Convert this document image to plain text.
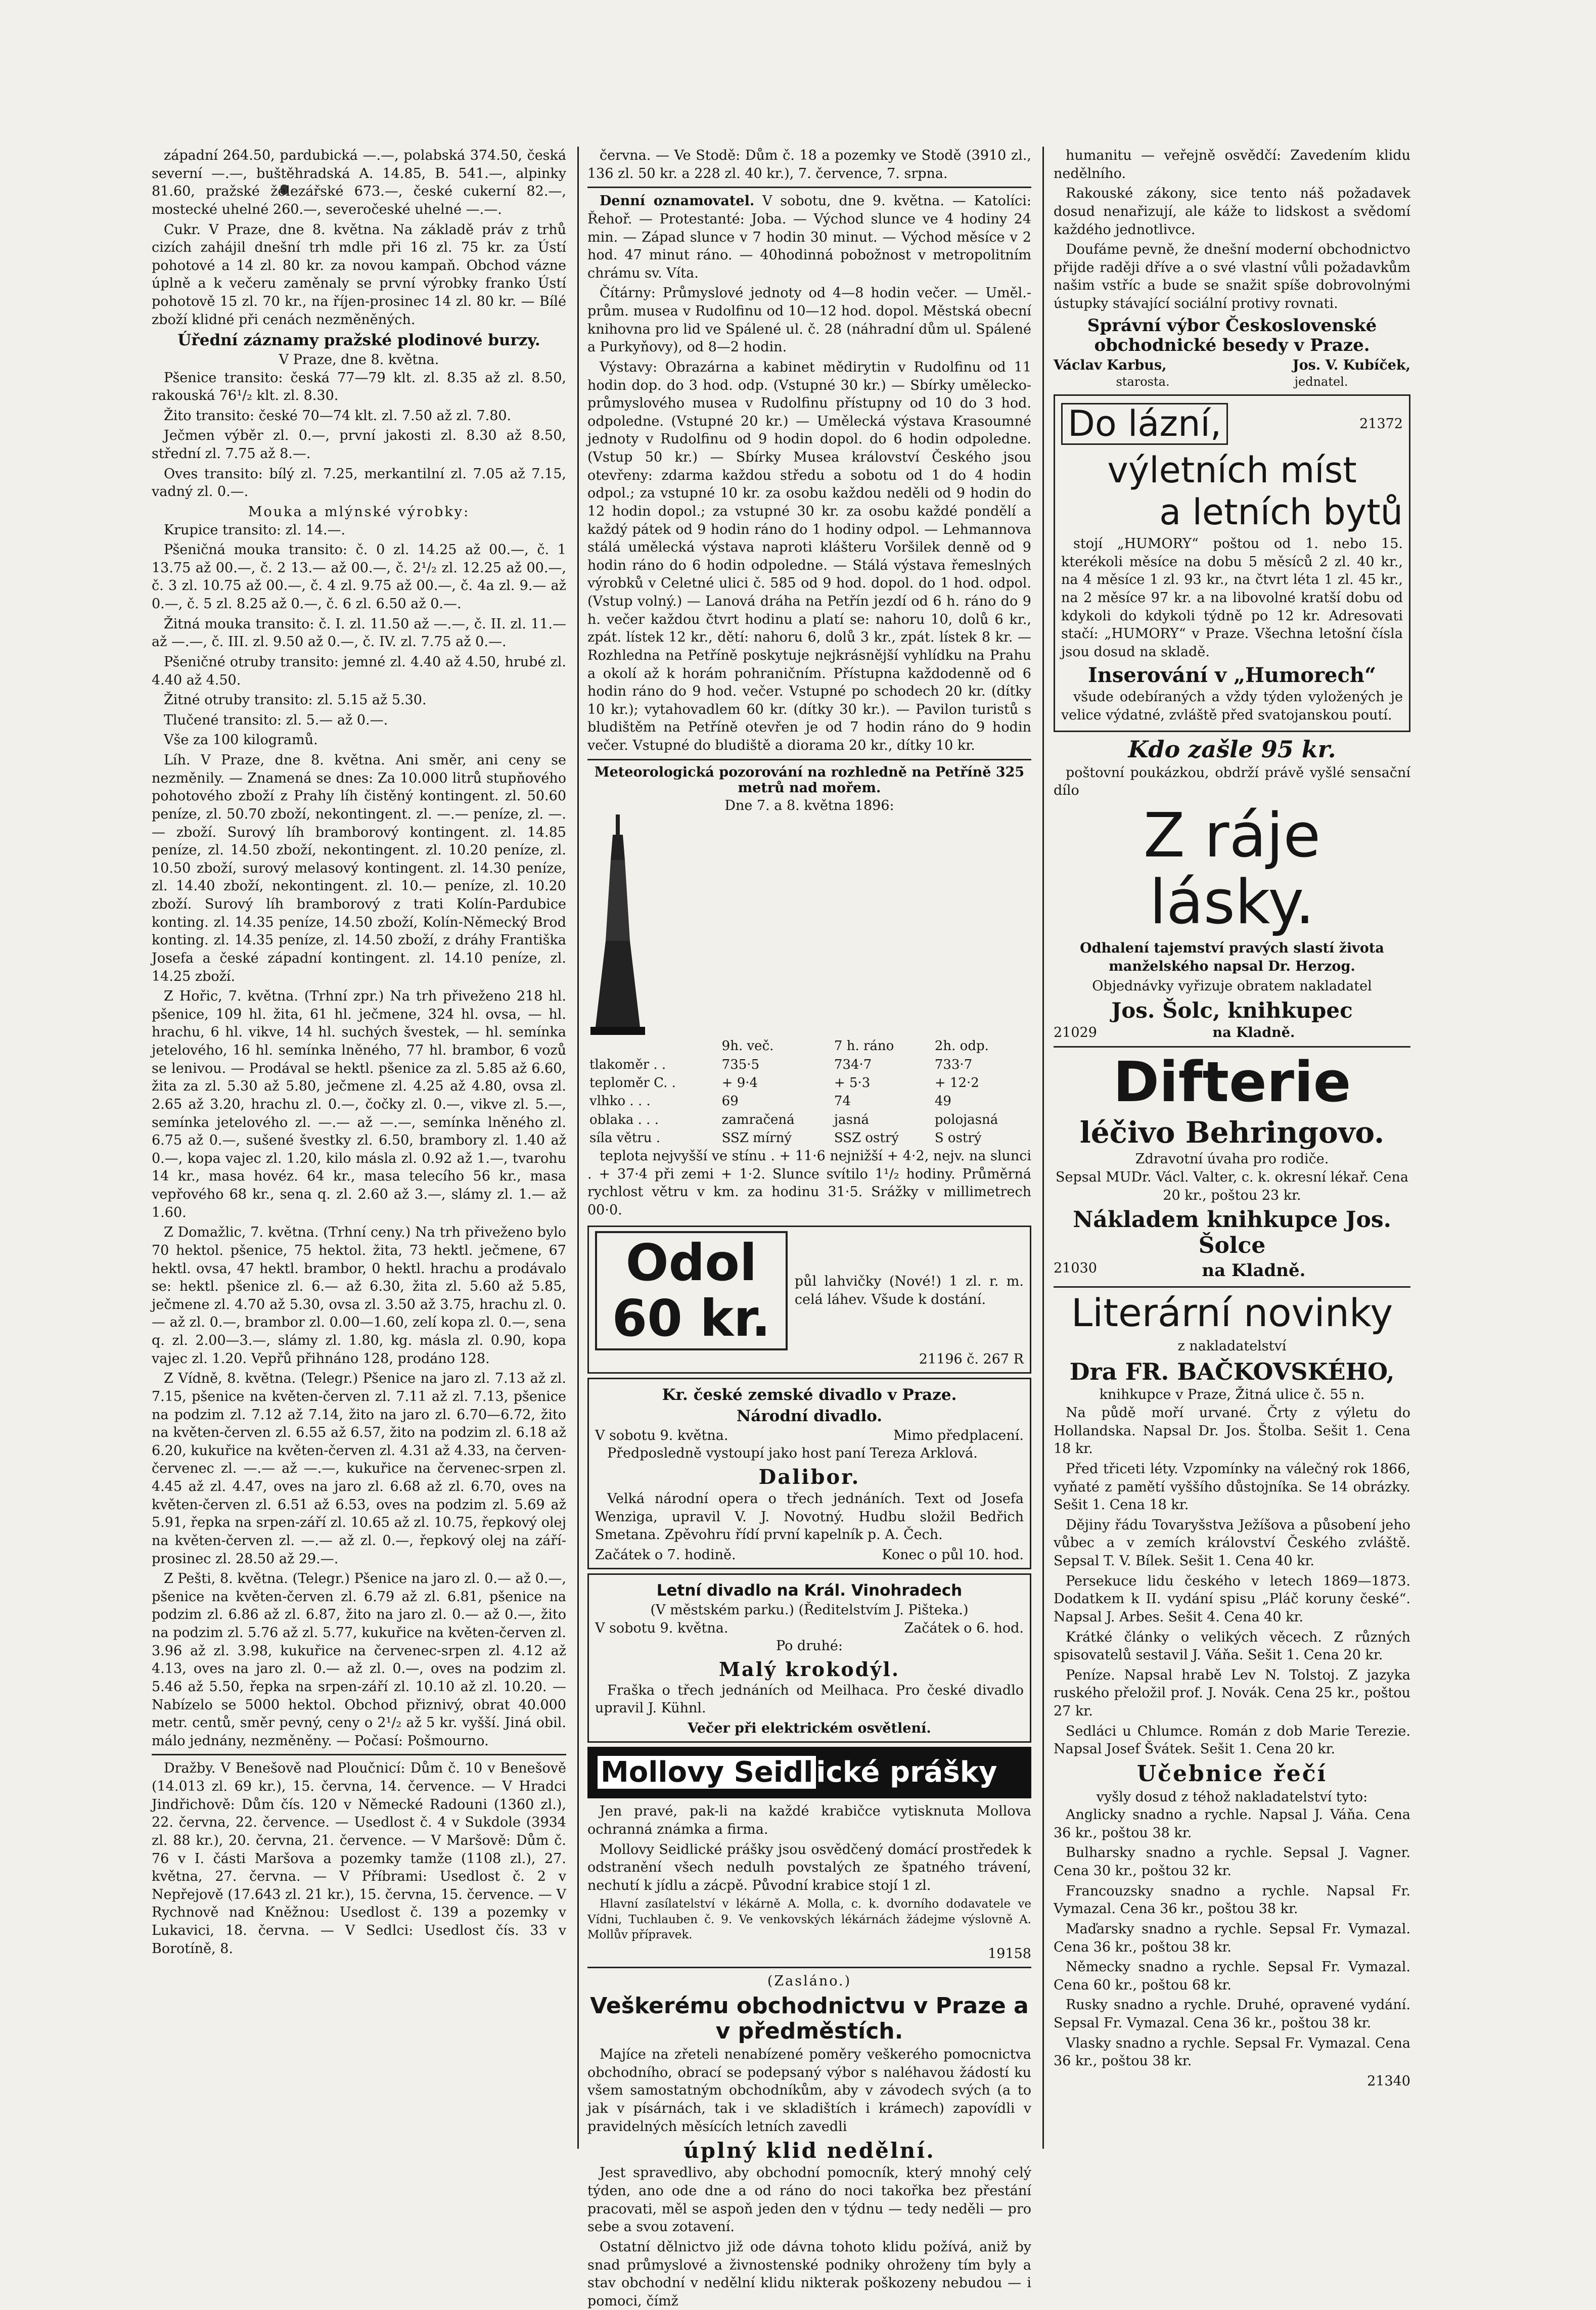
západní 264.50, pardubická —.—, polabská 374.50, česká severní —.—, buštěhradská A. 14.85, B. 541.—, alpinky 81.60, pražské železářské 673.—, české cukerní 82.—, mostecké uhelné 260.—, severočeské uhelné —.—.

Cukr. V Praze, dne 8. května. Na základě práv z trhů cizích zahájil dnešní trh mdle při 16 zl. 75 kr. za Ústí pohotové a 14 zl. 80 kr. za novou kampaň. Obchod vázne úplně a k večeru zaměnaly se první výrobky franko Ústí pohotově 15 zl. 70 kr., na říjen-prosinec 14 zl. 80 kr. — Bílé zboží klidné při cenách nezměněných.

Úřední záznamy pražské plodinové burzy.
V Praze, dne 8. května.

Pšenice transito: česká 77—79 klt. zl. 8.35 až zl. 8.50, rakouská 76¹/₂ klt. zl. 8.30.

Žito transito: české 70—74 klt. zl. 7.50 až zl. 7.80.

Ječmen výběr zl. 0.—, první jakosti zl. 8.30 až 8.50, střední zl. 7.75 až 8.—.

Oves transito: bílý zl. 7.25, merkantilní zl. 7.05 až 7.15, vadný zl. 0.—.

Mouka a mlýnské výrobky:

Krupice transito: zl. 14.—.

Pšeničná mouka transito: č. 0 zl. 14.25 až 00.—, č. 1 13.75 až 00.—, č. 2 13.— až 00.—, č. 2¹/₂ zl. 12.25 až 00.—, č. 3 zl. 10.75 až 00.—, č. 4 zl. 9.75 až 00.—, č. 4a zl. 9.— až 0.—, č. 5 zl. 8.25 až 0.—, č. 6 zl. 6.50 až 0.—.

Žitná mouka transito: č. I. zl. 11.50 až —.—, č. II. zl. 11.— až —.—, č. III. zl. 9.50 až 0.—, č. IV. zl. 7.75 až 0.—.

Pšeničné otruby transito: jemné zl. 4.40 až 4.50, hrubé zl. 4.40 až 4.50.

Žitné otruby transito: zl. 5.15 až 5.30.

Tlučené transito: zl. 5.— až 0.—.

Vše za 100 kilogramů.

Líh. V Praze, dne 8. května. Ani směr, ani ceny se nezměnily. — Znamená se dnes: Za 10.000 litrů stupňového pohotového zboží z Prahy líh čistěný kontingent. zl. 50.60 peníze, zl. 50.70 zboží, nekontingent. zl. —.— peníze, zl. —.— zboží. Surový líh bramborový kontingent. zl. 14.85 peníze, zl. 14.50 zboží, nekontingent. zl. 10.20 peníze, zl. 10.50 zboží, surový melasový kontingent. zl. 14.30 peníze, zl. 14.40 zboží, nekontingent. zl. 10.— peníze, zl. 10.20 zboží. Surový líh bramborový z trati Kolín-Pardubice konting. zl. 14.35 peníze, 14.50 zboží, Kolín-Německý Brod konting. zl. 14.35 peníze, zl. 14.50 zboží, z dráhy Františka Josefa a české západní kontingent. zl. 14.10 peníze, zl. 14.25 zboží.

Z Hořic, 7. května. (Trhní zpr.) Na trh přiveženo 218 hl. pšenice, 109 hl. žita, 61 hl. ječmene, 324 hl. ovsa, — hl. hrachu, 6 hl. vikve, 14 hl. suchých švestek, — hl. semínka jetelového, 16 hl. semínka lněného, 77 hl. brambor, 6 vozů se lenivou. — Prodával se hektl. pšenice za zl. 5.85 až 6.60, žita za zl. 5.30 až 5.80, ječmene zl. 4.25 až 4.80, ovsa zl. 2.65 až 3.20, hrachu zl. 0.—, čočky zl. 0.—, vikve zl. 5.—, semínka jetelového zl. —.— až —.—, semínka lněného zl. 6.75 až 0.—, sušené švestky zl. 6.50, brambory zl. 1.40 až 0.—, kopa vajec zl. 1.20, kilo másla zl. 0.92 až 1.—, tvarohu 14 kr., masa hovéz. 64 kr., masa telecího 56 kr., masa vepřového 68 kr., sena q. zl. 2.60 až 3.—, slámy zl. 1.— až 1.60.

Z Domažlic, 7. května. (Trhní ceny.) Na trh přiveženo bylo 70 hektol. pšenice, 75 hektol. žita, 73 hektl. ječmene, 67 hektl. ovsa, 47 hektl. brambor, 0 hektl. hrachu a prodávalo se: hektl. pšenice zl. 6.— až 6.30, žita zl. 5.60 až 5.85, ječmene zl. 4.70 až 5.30, ovsa zl. 3.50 až 3.75, hrachu zl. 0.— až zl. 0.—, brambor zl. 0.00—1.60, zelí kopa zl. 0.—, sena q. zl. 2.00—3.—, slámy zl. 1.80, kg. másla zl. 0.90, kopa vajec zl. 1.20. Vepřů přihnáno 128, prodáno 128.

Z Vídně, 8. května. (Telegr.) Pšenice na jaro zl. 7.13 až zl. 7.15, pšenice na květen-červen zl. 7.11 až zl. 7.13, pšenice na podzim zl. 7.12 až 7.14, žito na jaro zl. 6.70—6.72, žito na květen-červen zl. 6.55 až 6.57, žito na podzim zl. 6.18 až 6.20, kukuřice na květen-červen zl. 4.31 až 4.33, na červen-červenec zl. —.— až —.—, kukuřice na červenec-srpen zl. 4.45 až zl. 4.47, oves na jaro zl. 6.68 až zl. 6.70, oves na květen-červen zl. 6.51 až 6.53, oves na podzim zl. 5.69 až 5.91, řepka na srpen-září zl. 10.65 až zl. 10.75, řepkový olej na květen-červen zl. —.— až zl. 0.—, řepkový olej na září-prosinec zl. 28.50 až 29.—.

Z Pešti, 8. května. (Telegr.) Pšenice na jaro zl. 0.— až 0.—, pšenice na květen-červen zl. 6.79 až zl. 6.81, pšenice na podzim zl. 6.86 až zl. 6.87, žito na jaro zl. 0.— až 0.—, žito na podzim zl. 5.76 až zl. 5.77, kukuřice na květen-červen zl. 3.96 až zl. 3.98, kukuřice na červenec-srpen zl. 4.12 až 4.13, oves na jaro zl. 0.— až zl. 0.—, oves na podzim zl. 5.46 až 5.50, řepka na srpen-září zl. 10.10 až zl. 10.20. — Nabízelo se 5000 hektol. Obchod přiznivý, obrat 40.000 metr. centů, směr pevný, ceny o 2¹/₂ až 5 kr. vyšší. Jiná obil. málo jednány, nezměněny. — Počasí: Pošmourno.

Dražby. V Benešově nad Ploučnicí: Dům č. 10 v Benešově (14.013 zl. 69 kr.), 15. června, 14. července. — V Hradci Jindřichově: Dům čís. 120 v Německé Radouni (1360 zl.), 22. června, 22. července. — Usedlost č. 4 v Sukdole (3934 zl. 88 kr.), 20. června, 21. července. — V Maršově: Dům č. 76 v I. části Maršova a pozemky tamže (1108 zl.), 27. května, 27. června. — V Příbrami: Usedlost č. 2 v Nepřejově (17.643 zl. 21 kr.), 15. června, 15. července. — V Rychnově nad Kněžnou: Usedlost č. 139 a pozemky v Lukavici, 18. června. — V Sedlci: Usedlost čís. 33 v Borotíně, 8.

června. — Ve Stodě: Dům č. 18 a pozemky ve Stodě (3910 zl., 136 zl. 50 kr. a 228 zl. 40 kr.), 7. července, 7. srpna.

Denní oznamovatel. V sobotu, dne 9. května. — Katolíci: Řehoř. — Protestanté: Joba. — Východ slunce ve 4 hodiny 24 min. — Západ slunce v 7 hodin 30 minut. — Východ měsíce v 2 hod. 47 minut ráno. — 40hodinná pobožnost v metropolitním chrámu sv. Víta.

Čítárny: Průmyslové jednoty od 4—8 hodin večer. — Uměl.-prům. musea v Rudolfinu od 10—12 hod. dopol. Městská obecní knihovna pro lid ve Spálené ul. č. 28 (náhradní dům ul. Spálené a Purkyňovy), od 8—2 hodin.

Výstavy: Obrazárna a kabinet mědirytin v Rudolfinu od 11 hodin dop. do 3 hod. odp. (Vstupné 30 kr.) — Sbírky umělecko-průmyslového musea v Rudolfinu přístupny od 10 do 3 hod. odpoledne. (Vstupné 20 kr.) — Umělecká výstava Krasoumné jednoty v Rudolfinu od 9 hodin dopol. do 6 hodin odpoledne. (Vstup 50 kr.) — Sbírky Musea království Českého jsou otevřeny: zdarma každou středu a sobotu od 1 do 4 hodin odpol.; za vstupné 10 kr. za osobu každou neděli od 9 hodin do 12 hodin dopol.; za vstupné 30 kr. za osobu každé pondělí a každý pátek od 9 hodin ráno do 1 hodiny odpol. — Lehmannova stálá umělecká výstava naproti klášteru Voršilek denně od 9 hodin ráno do 6 hodin odpoledne. — Stálá výstava řemeslných výrobků v Celetné ulici č. 585 od 9 hod. dopol. do 1 hod. odpol. (Vstup volný.) — Lanová dráha na Petřín jezdí od 6 h. ráno do 9 h. večer každou čtvrt hodinu a platí se: nahoru 10, dolů 6 kr., zpát. lístek 12 kr., dětí: nahoru 6, dolů 3 kr., zpát. lístek 8 kr. — Rozhledna na Petříně poskytuje nejkrásnější vyhlídku na Prahu a okolí až k horám pohraničním. Přístupna každodenně od 6 hodin ráno do 9 hod. večer. Vstupné po schodech 20 kr. (dítky 10 kr.); vytahovadlem 60 kr. (dítky 30 kr.). — Pavilon turistů s bludištěm na Petříně otevřen je od 7 hodin ráno do 9 hodin večer. Vstupné do bludiště a diorama 20 kr., dítky 10 kr.

Meteorologická pozorování na rozhledně na Petříně 325 metrů nad mořem.
Dne 7. a 8. května 1896:
	9h. več.	7 h. ráno	2h. odp.
tlakoměr . .	735·5	734·7	733·7
teploměr C. .	+ 9·4	+ 5·3	+ 12·2
vlhko . . .	69	74	49
oblaka . . .	zamračená	jasná	polojasná
síla větru .	SSZ mírný	SSZ ostrý	S ostrý

teplota nejvyšší ve stínu . + 11·6 nejnižší + 4·2, nejv. na slunci . + 37·4 při zemi + 1·2. Slunce svítilo 1¹/₂ hodiny. Průměrná rychlost větru v km. za hodinu 31·5. Srážky v millimetrech 00·0.

Odol 60 kr.
půl lahvičky (Nové!) 1 zl. r. m. celá láhev. Všude k dostání.
21196 č. 267 R
Kr. české zemské divadlo v Praze.
Národní divadlo.
V sobotu 9. května.	Mimo předplacení.

Předposledně vystoupí jako host paní Tereza Arklová.

Dalibor.

Velká národní opera o třech jednáních. Text od Josefa Wenziga, upravil V. J. Novotný. Hudbu složil Bedřich Smetana. Zpěvohru řídí první kapelník p. A. Čech.

Začátek o 7. hodině.	Konec o půl 10. hod.
Letní divadlo na Král. Vinohradech
(V městském parku.) (Ředitelstvím J. Pišteka.)
V sobotu 9. května.	Začátek o 6. hod.
Po druhé:
Malý krokodýl.

Fraška o třech jednáních od Meilhaca. Pro české divadlo upravil J. Kühnl.

Večer při elektrickém osvětlení.
Mollovy Seidl ické prášky

Jen pravé, pak-li na každé krabičce vytisknuta Mollova ochranná známka a firma.

Mollovy Seidlické prášky jsou osvědčený domácí prostředek k odstranění všech nedulh povstalých ze špatného trávení, nechutí k jídlu a zácpě. Původní krabice stojí 1 zl.

Hlavní zasílatelství v lékárně A. Molla, c. k. dvorního dodavatele ve Vídni, Tuchlauben č. 9. Ve venkovských lékárnách žádejme výslovně A. Mollův přípravek.

19158
(Zasláno.)
Veškerému obchodnictvu v Praze a v předměstích.

Majíce na zřeteli nenabízené poměry veškerého pomocnictva obchodního, obrací se podepsaný výbor s naléhavou žádostí ku všem samostatným obchodníkům, aby v závodech svých (a to jak v písárnách, tak i ve skladištích i krámech) zapovídli v pravidelných měsících letních zavedli

úplný klid nedělní.

Jest spravedlivo, aby obchodní pomocník, který mnohý celý týden, ano ode dne a od ráno do noci takořka bez přestání pracovati, měl se aspoň jeden den v týdnu — tedy neděli — pro sebe a svou zotavení.

Ostatní dělnictvo již ode dávna tohoto klidu požívá, aniž by snad průmyslové a živnostenské podniky ohroženy tím byly a stav obchodní v nedělní klidu nikterak poškozeny nebudou — i pomoci, čímž

humanitu — veřejně osvědčí: Zavedením klidu nedělního.

Rakouské zákony, sice tento náš požadavek dosud nenařizují, ale káže to lidskost a svědomí každého jednotlivce.

Doufáme pevně, že dnešní moderní obchodnictvo přijde raději dříve a o své vlastní vůli požadavkům našim vstříc a bude se snažit spíše dobrovolnými ústupky stávající sociální protivy rovnati.

Správní výbor Československé obchodnické besedy v Praze.
Václav Karbus,	Jos. V. Kubíček,
starosta.	jednatel.
Do lázní,	21372
výletních míst
a letních bytů

stojí „HUMORY“ poštou od 1. nebo 15. kterékoli měsíce na dobu 5 měsíců 2 zl. 40 kr., na 4 měsíce 1 zl. 93 kr., na čtvrt léta 1 zl. 45 kr., na 2 měsíce 97 kr. a na libovolné kratší dobu od kdykoli do kdykoli týdně po 12 kr. Adresovati stačí: „HUMORY“ v Praze. Všechna letošní čísla jsou dosud na skladě.

Inserování v „Humorech“

všude odebíraných a vždy týden vyložených je velice výdatné, zvláště před svatojanskou poutí.

Kdo zašle 95 kr.

poštovní poukázkou, obdrží právě vyšlé sensační dílo

Z ráje lásky.

Odhalení tajemství pravých slastí života manželského napsal Dr. Herzog.

Objednávky vyřizuje obratem nakladatel

Jos. Šolc, knihkupec
21029	na Kladně.
Difterie
léčivo Behringovo.
Zdravotní úvaha pro rodiče.

Sepsal MUDr. Václ. Valter, c. k. okresní lékař. Cena 20 kr., poštou 23 kr.

Nákladem knihkupce Jos. Šolce
21030	na Kladně.
Literární novinky
z nakladatelství
Dra FR. BAČKOVSKÉHO,
knihkupce v Praze, Žitná ulice č. 55 n.

Na půdě moří urvané. Črty z výletu do Hollandska. Napsal Dr. Jos. Štolba. Sešit 1. Cena 18 kr.

Před třiceti léty. Vzpomínky na válečný rok 1866, vyňaté z pamětí vyššího důstojníka. Se 14 obrázky. Sešit 1. Cena 18 kr.

Dějiny řádu Tovaryšstva Ježíšova a působení jeho vůbec a v zemích království Českého zvláště. Sepsal T. V. Bílek. Sešit 1. Cena 40 kr.

Persekuce lidu českého v letech 1869—1873. Dodatkem k II. vydání spisu „Pláč koruny české“. Napsal J. Arbes. Sešit 4. Cena 40 kr.

Krátké články o velikých věcech. Z různých spisovatelů sestavil J. Váňa. Sešit 1. Cena 20 kr.

Peníze. Napsal hrabě Lev N. Tolstoj. Z jazyka ruského přeložil prof. J. Novák. Cena 25 kr., poštou 27 kr.

Sedláci u Chlumce. Román z dob Marie Terezie. Napsal Josef Švátek. Sešit 1. Cena 20 kr.

Učebnice řečí
vyšly dosud z téhož nakladatelství tyto:

Anglicky snadno a rychle. Napsal J. Váňa. Cena 36 kr., poštou 38 kr.

Bulharsky snadno a rychle. Sepsal J. Vagner. Cena 30 kr., poštou 32 kr.

Francouzsky snadno a rychle. Napsal Fr. Vymazal. Cena 36 kr., poštou 38 kr.

Maďarsky snadno a rychle. Sepsal Fr. Vymazal. Cena 36 kr., poštou 38 kr.

Německy snadno a rychle. Sepsal Fr. Vymazal. Cena 60 kr., poštou 68 kr.

Rusky snadno a rychle. Druhé, opravené vydání. Sepsal Fr. Vymazal. Cena 36 kr., poštou 38 kr.

Vlasky snadno a rychle. Sepsal Fr. Vymazal. Cena 36 kr., poštou 38 kr.

21340
